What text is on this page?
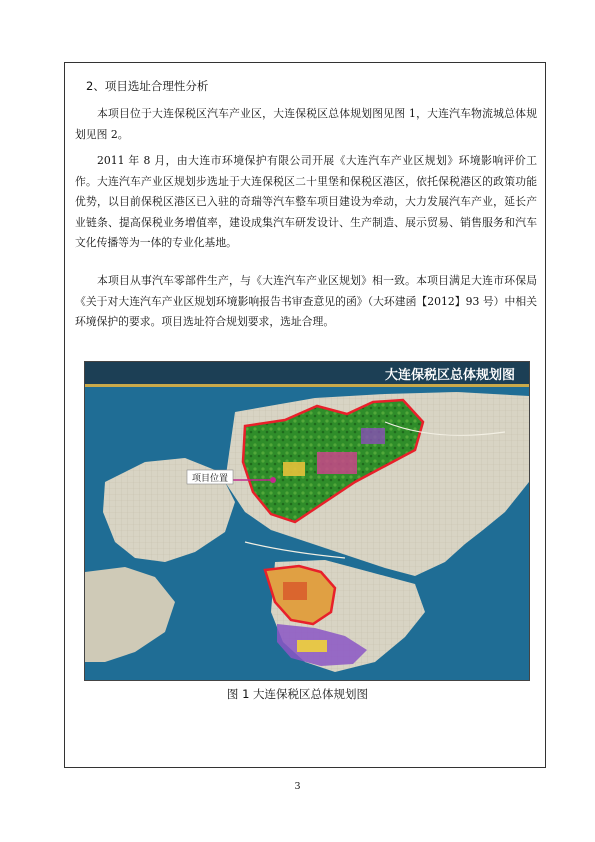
2、项目选址合理性分析

本项目位于大连保税区汽车产业区，大连保税区总体规划图见图 1，大连汽车物流城总体规划见图 2。

2011 年 8 月，由大连市环境保护有限公司开展《大连汽车产业区规划》环境影响评价工作。大连汽车产业区规划步选址于大连保税区二十里堡和保税区港区，依托保税港区的政策功能优势，以目前保税区港区已入驻的奇瑞等汽车整车项目建设为牵动，大力发展汽车产业，延长产业链条、提高保税业务增值率，建设成集汽车研发设计、生产制造、展示贸易、销售服务和汽车文化传播等为一体的专业化基地。

本项目从事汽车零部件生产，与《大连汽车产业区规划》相一致。本项目满足大连市环保局《关于对大连汽车产业区规划环境影响报告书审查意见的函》（大环建函【2012】93 号）中相关环境保护的要求。项目选址符合规划要求，选址合理。

大连保税区总体规划图
项目位置
图 1 大连保税区总体规划图
3
